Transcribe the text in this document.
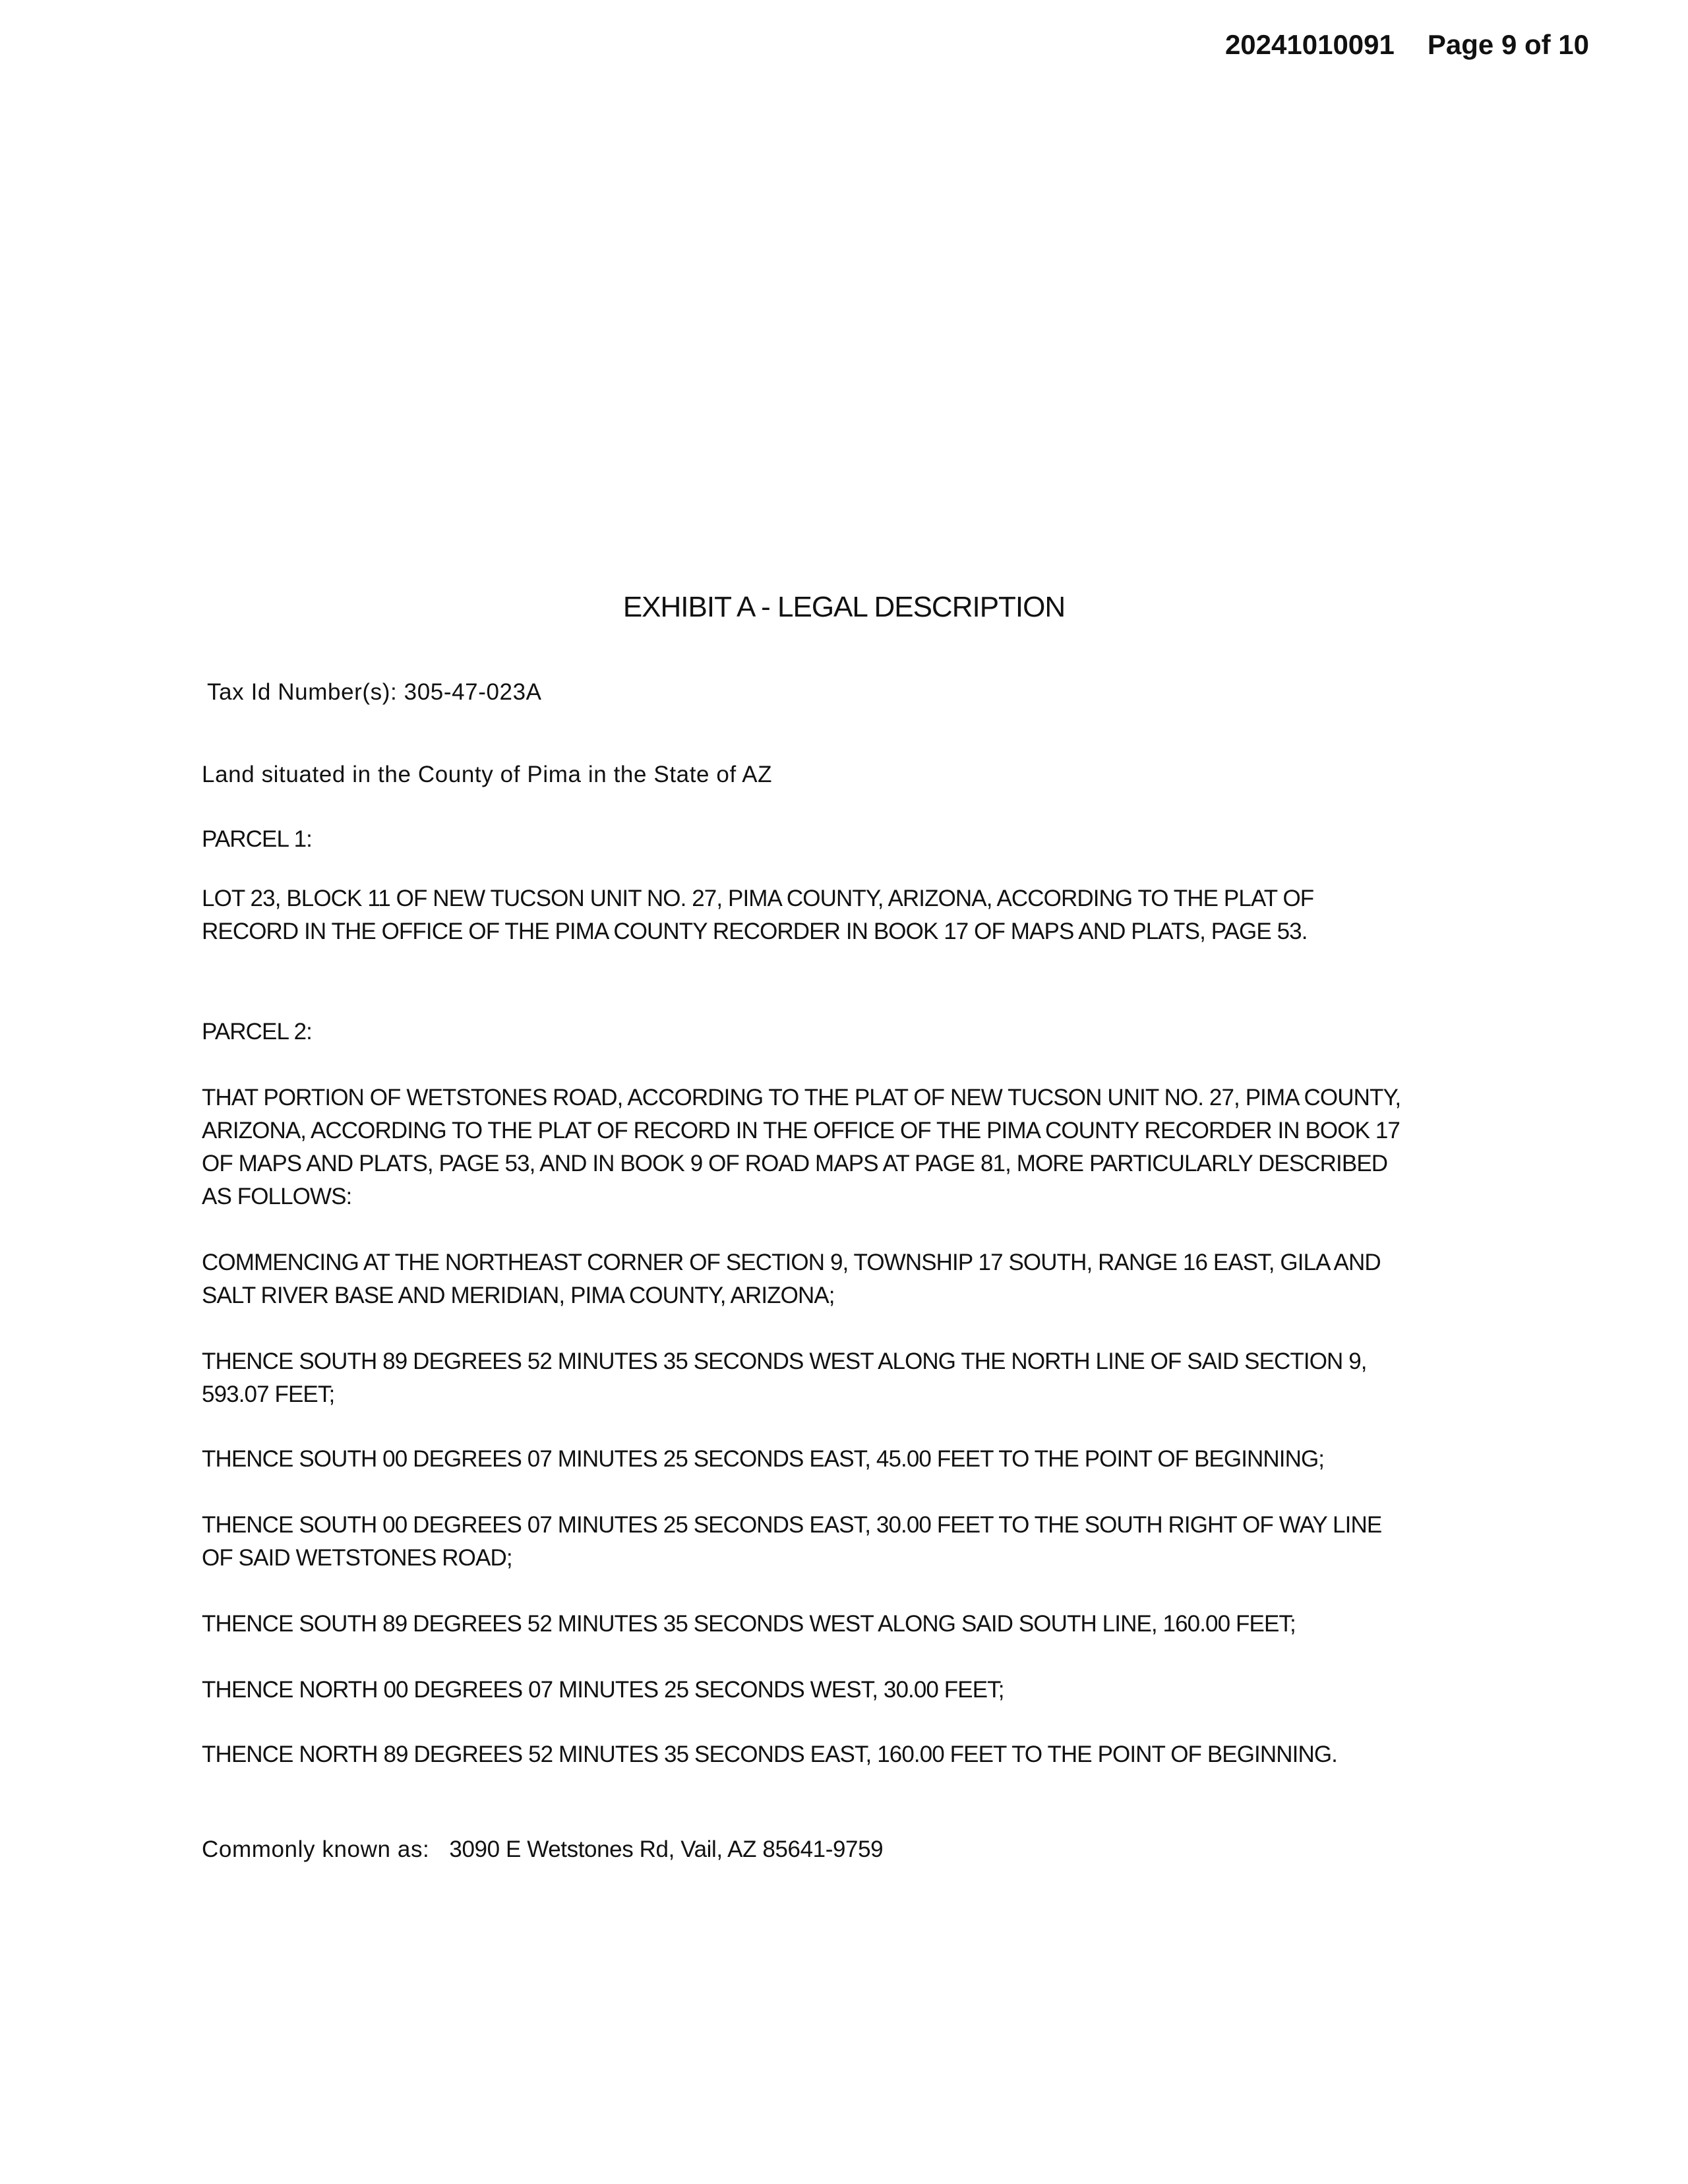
20241010091 Page 9 of 10
EXHIBIT A - LEGAL DESCRIPTION
Tax Id Number(s): 305-47-023A
Land situated in the County of Pima in the State of AZ
PARCEL 1:
LOT 23, BLOCK 11 OF NEW TUCSON UNIT NO. 27, PIMA COUNTY, ARIZONA, ACCORDING TO THE PLAT OF RECORD IN THE OFFICE OF THE PIMA COUNTY RECORDER IN BOOK 17 OF MAPS AND PLATS, PAGE 53.
PARCEL 2:
THAT PORTION OF WETSTONES ROAD, ACCORDING TO THE PLAT OF NEW TUCSON UNIT NO. 27, PIMA COUNTY, ARIZONA, ACCORDING TO THE PLAT OF RECORD IN THE OFFICE OF THE PIMA COUNTY RECORDER IN BOOK 17 OF MAPS AND PLATS, PAGE 53, AND IN BOOK 9 OF ROAD MAPS AT PAGE 81, MORE PARTICULARLY DESCRIBED AS FOLLOWS:
COMMENCING AT THE NORTHEAST CORNER OF SECTION 9, TOWNSHIP 17 SOUTH, RANGE 16 EAST, GILA AND SALT RIVER BASE AND MERIDIAN, PIMA COUNTY, ARIZONA;
THENCE SOUTH 89 DEGREES 52 MINUTES 35 SECONDS WEST ALONG THE NORTH LINE OF SAID SECTION 9, 593.07 FEET;
THENCE SOUTH 00 DEGREES 07 MINUTES 25 SECONDS EAST, 45.00 FEET TO THE POINT OF BEGINNING;
THENCE SOUTH 00 DEGREES 07 MINUTES 25 SECONDS EAST, 30.00 FEET TO THE SOUTH RIGHT OF WAY LINE OF SAID WETSTONES ROAD;
THENCE SOUTH 89 DEGREES 52 MINUTES 35 SECONDS WEST ALONG SAID SOUTH LINE, 160.00 FEET;
THENCE NORTH 00 DEGREES 07 MINUTES 25 SECONDS WEST, 30.00 FEET;
THENCE NORTH 89 DEGREES 52 MINUTES 35 SECONDS EAST, 160.00 FEET TO THE POINT OF BEGINNING.
Commonly known as: 3090 E Wetstones Rd, Vail, AZ 85641-9759
